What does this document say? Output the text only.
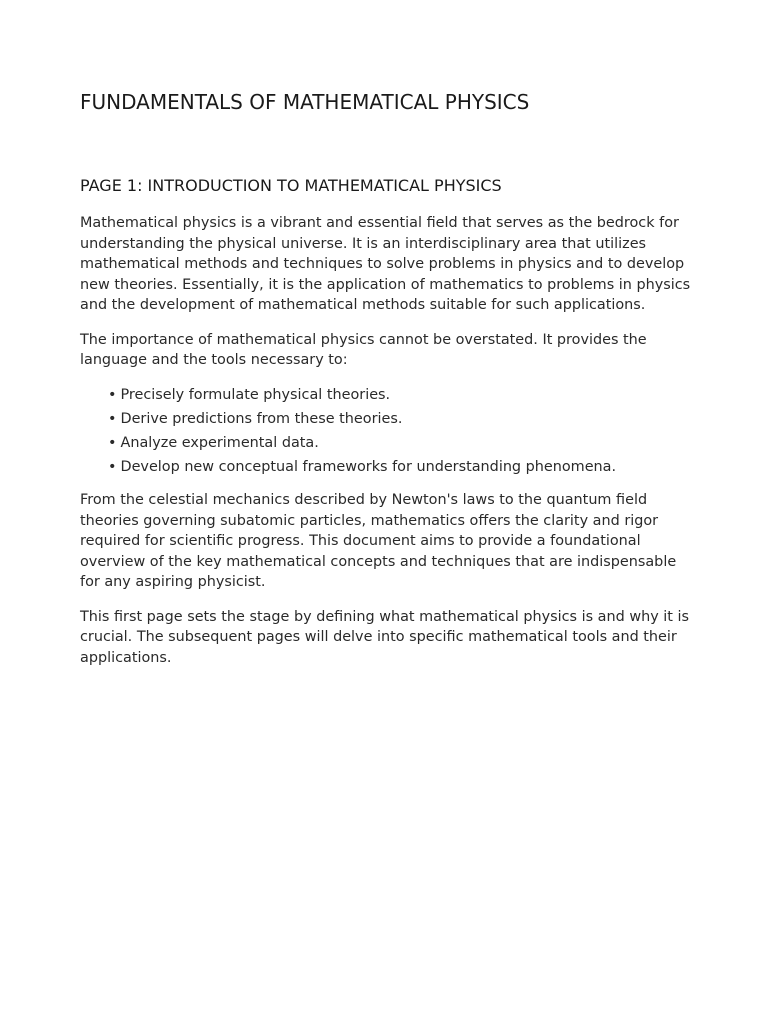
FUNDAMENTALS OF MATHEMATICAL PHYSICS
PAGE 1: INTRODUCTION TO MATHEMATICAL PHYSICS

Mathematical physics is a vibrant and essential field that serves as the bedrock for understanding the physical universe. It is an interdisciplinary area that utilizes mathematical methods and techniques to solve problems in physics and to develop new theories. Essentially, it is the application of mathematics to problems in physics and the development of mathematical methods suitable for such applications.

The importance of mathematical physics cannot be overstated. It provides the language and the tools necessary to:

• Precisely formulate physical theories.
• Derive predictions from these theories.
• Analyze experimental data.
• Develop new conceptual frameworks for understanding phenomena.

From the celestial mechanics described by Newton's laws to the quantum field theories governing subatomic particles, mathematics offers the clarity and rigor required for scientific progress. This document aims to provide a foundational overview of the key mathematical concepts and techniques that are indispensable for any aspiring physicist.

This first page sets the stage by defining what mathematical physics is and why it is crucial. The subsequent pages will delve into specific mathematical tools and their applications.
